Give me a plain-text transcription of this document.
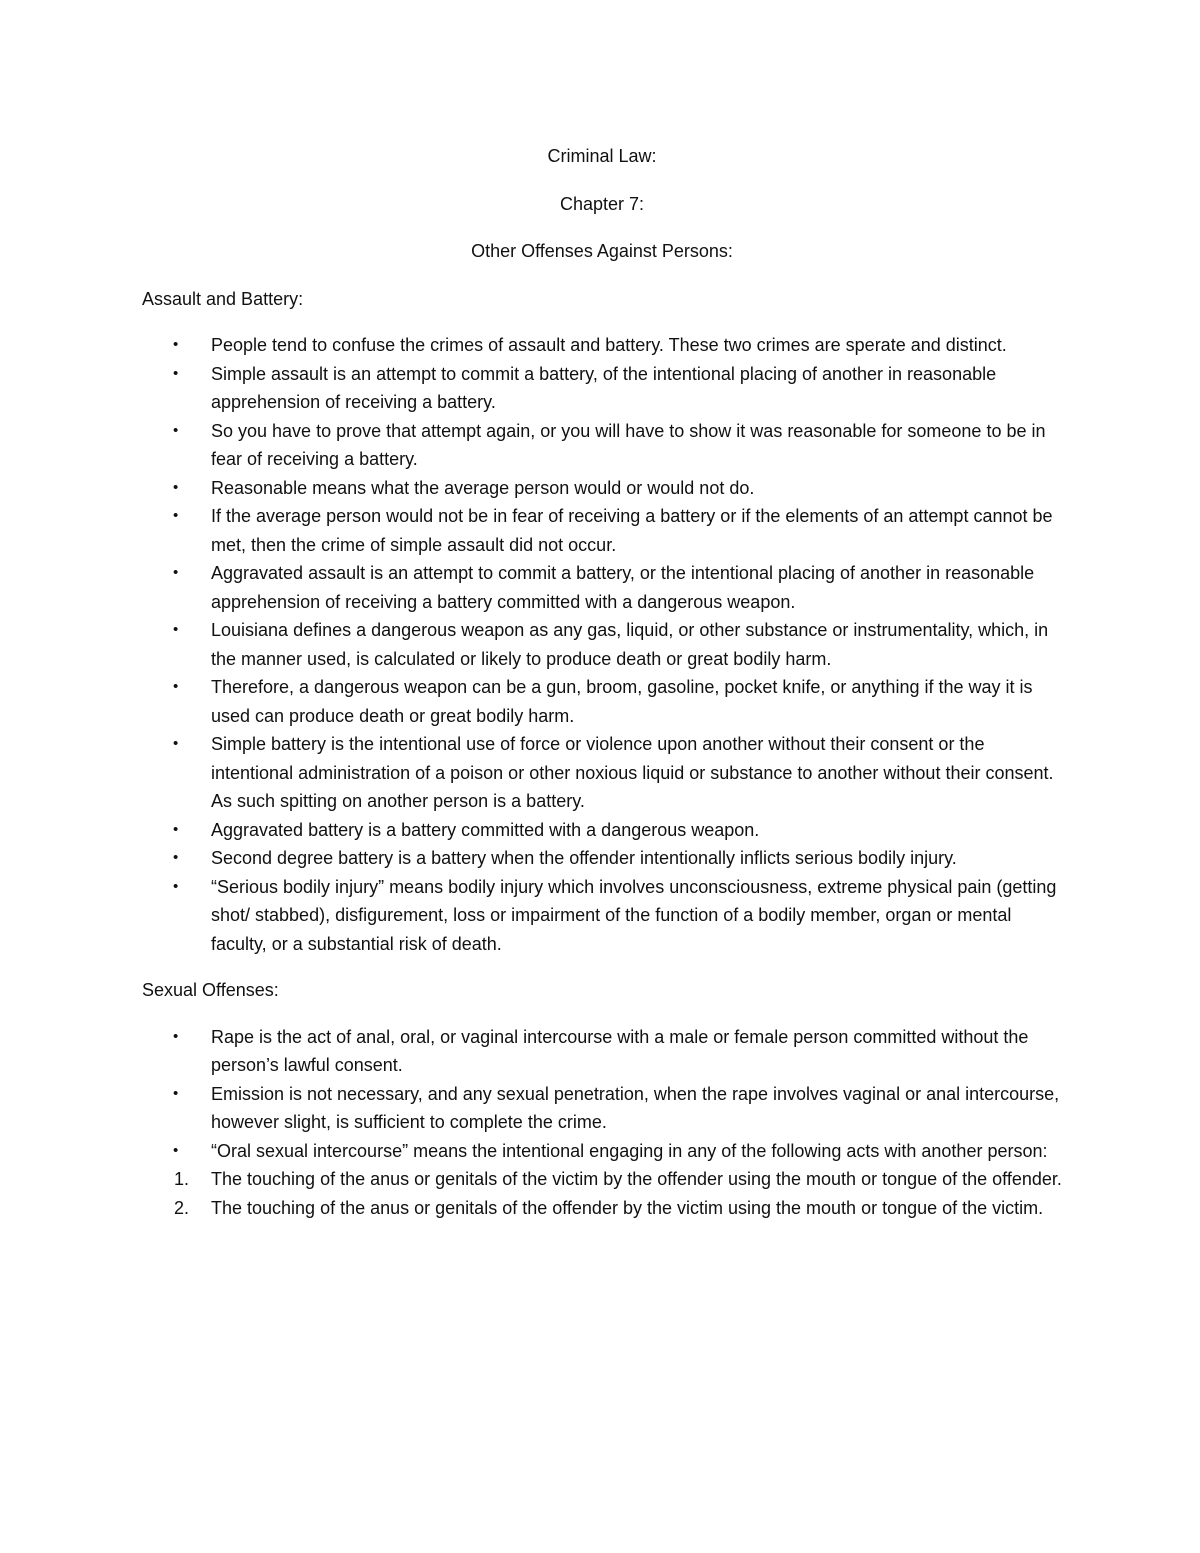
Criminal Law:

Chapter 7:

Other Offenses Against Persons:

Assault and Battery:

• People tend to confuse the crimes of assault and battery. These two crimes are sperate and distinct.
• Simple assault is an attempt to commit a battery, of the intentional placing of another in reasonable apprehension of receiving a battery.
• So you have to prove that attempt again, or you will have to show it was reasonable for someone to be in fear of receiving a battery.
• Reasonable means what the average person would or would not do.
• If the average person would not be in fear of receiving a battery or if the elements of an attempt cannot be met, then the crime of simple assault did not occur.
• Aggravated assault is an attempt to commit a battery, or the intentional placing of another in reasonable apprehension of receiving a battery committed with a dangerous weapon.
• Louisiana defines a dangerous weapon as any gas, liquid, or other substance or instrumentality, which, in the manner used, is calculated or likely to produce death or great bodily harm.
• Therefore, a dangerous weapon can be a gun, broom, gasoline, pocket knife, or anything if the way it is used can produce death or great bodily harm.
• Simple battery is the intentional use of force or violence upon another without their consent or the intentional administration of a poison or other noxious liquid or substance to another without their consent. As such spitting on another person is a battery.
• Aggravated battery is a battery committed with a dangerous weapon.
• Second degree battery is a battery when the offender intentionally inflicts serious bodily injury.
• “Serious bodily injury” means bodily injury which involves unconsciousness, extreme physical pain (getting shot/ stabbed), disfigurement, loss or impairment of the function of a bodily member, organ or mental faculty, or a substantial risk of death.

Sexual Offenses:

• Rape is the act of anal, oral, or vaginal intercourse with a male or female person committed without the person’s lawful consent.
• Emission is not necessary, and any sexual penetration, when the rape involves vaginal or anal intercourse, however slight, is sufficient to complete the crime.
• “Oral sexual intercourse” means the intentional engaging in any of the following acts with another person:
1. The touching of the anus or genitals of the victim by the offender using the mouth or tongue of the offender.
2. The touching of the anus or genitals of the offender by the victim using the mouth or tongue of the victim.
